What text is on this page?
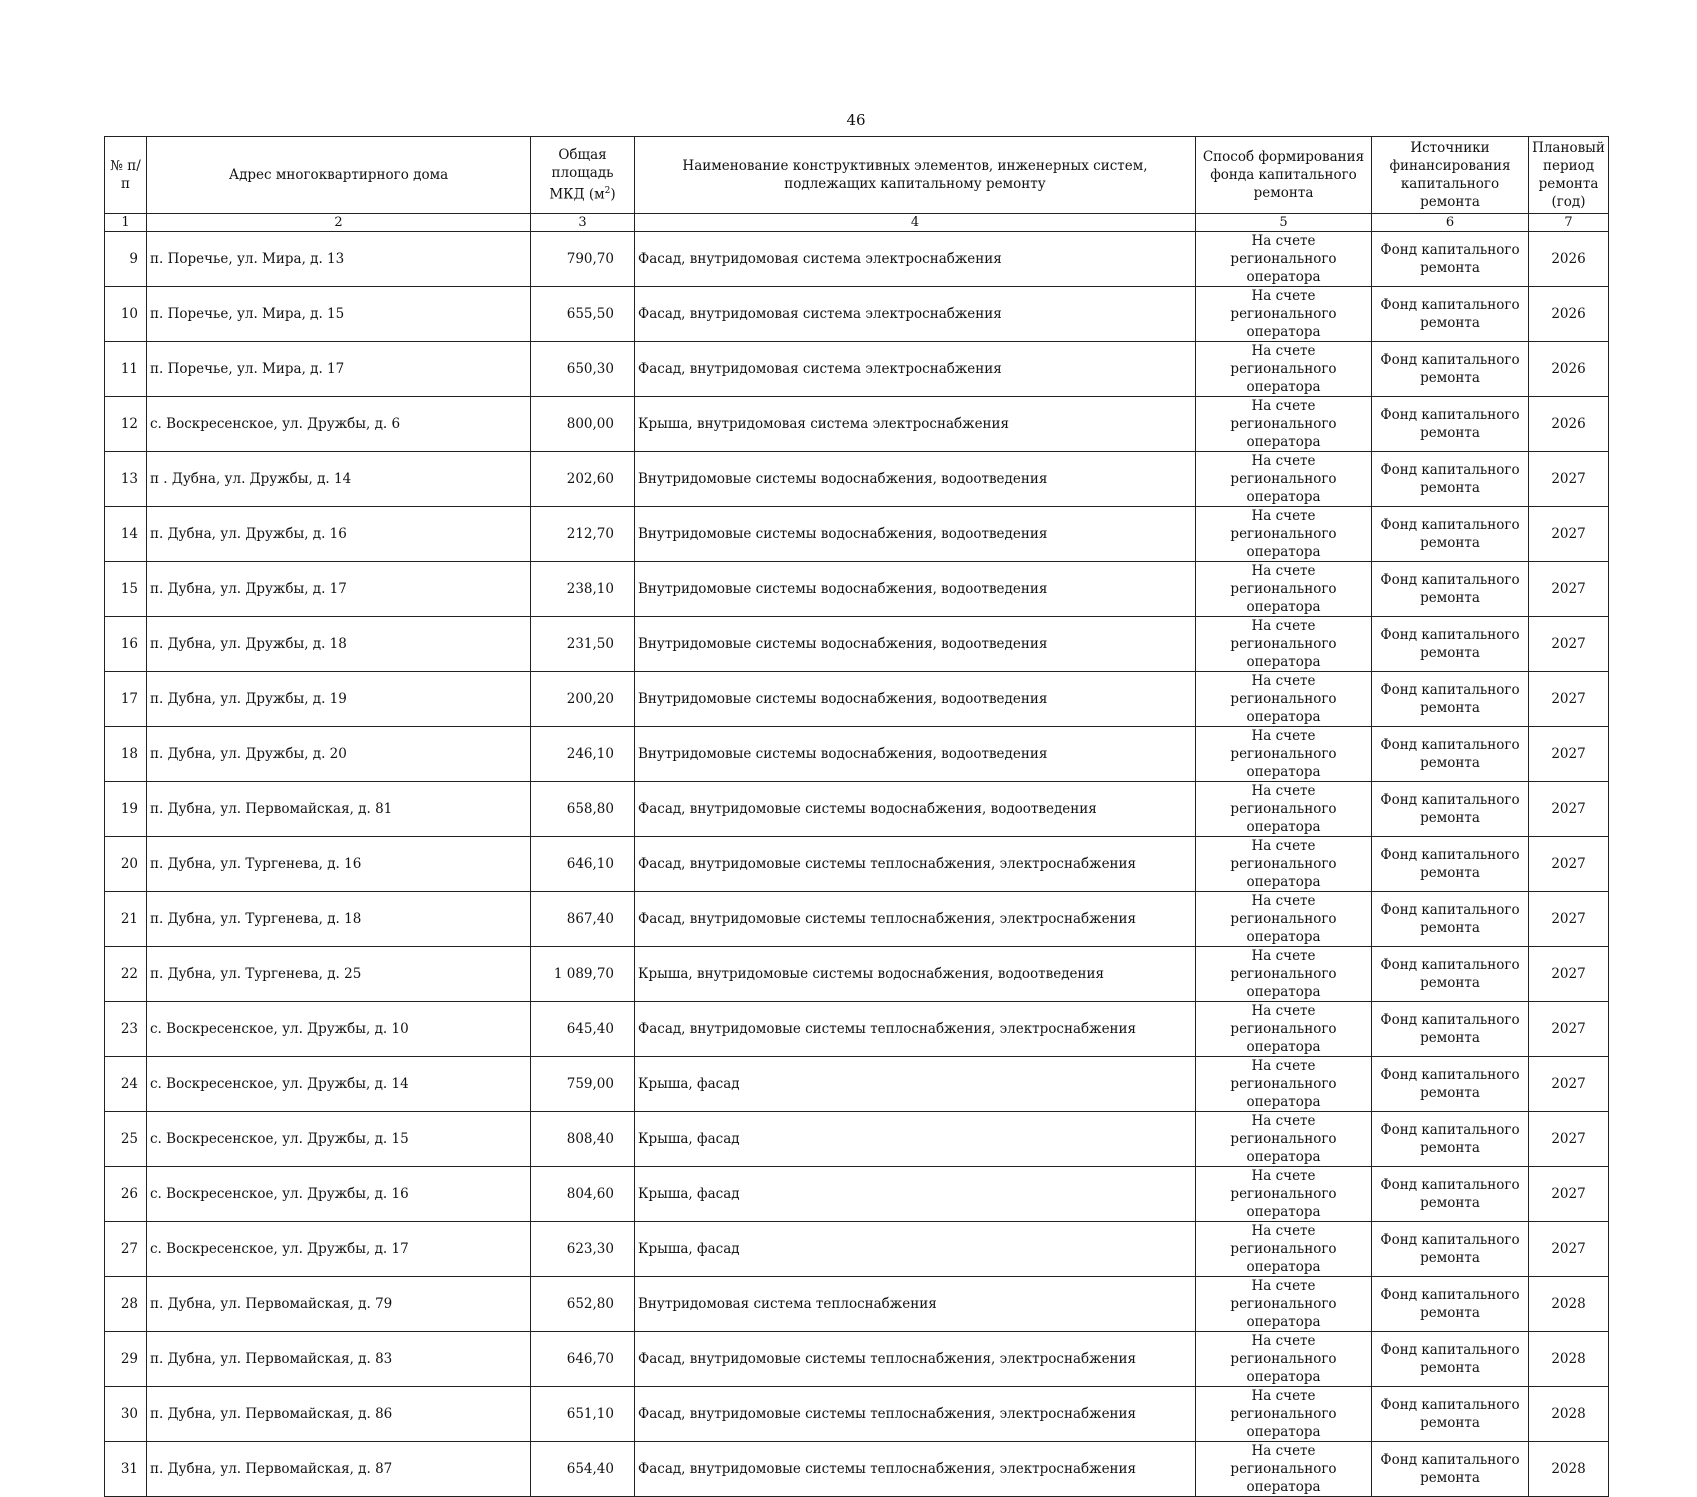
46
№ п/п	Адрес многоквартирного дома	Общая площадь МКД $(м^2)$	Наименование конструктивных элементов, инженерных систем, подлежащих капитальному ремонту	Способ формирования фонда капитального ремонта	Источники финансирования капитального ремонта	Плановый период ремонта (год)
1	2	3	4	5	6	7
9	п. Поречье, ул. Мира, д. 13	790,70	Фасад, внутридомовая система электроснабжения	На счете регионального оператора	Фонд капитального ремонта	2026
10	п. Поречье, ул. Мира, д. 15	655,50	Фасад, внутридомовая система электроснабжения	На счете регионального оператора	Фонд капитального ремонта	2026
11	п. Поречье, ул. Мира, д. 17	650,30	Фасад, внутридомовая система электроснабжения	На счете регионального оператора	Фонд капитального ремонта	2026
12	с. Воскресенское, ул. Дружбы, д. 6	800,00	Крыша, внутридомовая система электроснабжения	На счете регионального оператора	Фонд капитального ремонта	2026
13	п . Дубна, ул. Дружбы, д. 14	202,60	Внутридомовые системы водоснабжения, водоотведения	На счете регионального оператора	Фонд капитального ремонта	2027
14	п. Дубна, ул. Дружбы, д. 16	212,70	Внутридомовые системы водоснабжения, водоотведения	На счете регионального оператора	Фонд капитального ремонта	2027
15	п. Дубна, ул. Дружбы, д. 17	238,10	Внутридомовые системы водоснабжения, водоотведения	На счете регионального оператора	Фонд капитального ремонта	2027
16	п. Дубна, ул. Дружбы, д. 18	231,50	Внутридомовые системы водоснабжения, водоотведения	На счете регионального оператора	Фонд капитального ремонта	2027
17	п. Дубна, ул. Дружбы, д. 19	200,20	Внутридомовые системы водоснабжения, водоотведения	На счете регионального оператора	Фонд капитального ремонта	2027
18	п. Дубна, ул. Дружбы, д. 20	246,10	Внутридомовые системы водоснабжения, водоотведения	На счете регионального оператора	Фонд капитального ремонта	2027
19	п. Дубна, ул. Первомайская, д. 81	658,80	Фасад, внутридомовые системы водоснабжения, водоотведения	На счете регионального оператора	Фонд капитального ремонта	2027
20	п. Дубна, ул. Тургенева, д. 16	646,10	Фасад, внутридомовые системы теплоснабжения, электроснабжения	На счете регионального оператора	Фонд капитального ремонта	2027
21	п. Дубна, ул. Тургенева, д. 18	867,40	Фасад, внутридомовые системы теплоснабжения, электроснабжения	На счете регионального оператора	Фонд капитального ремонта	2027
22	п. Дубна, ул. Тургенева, д. 25	1 089,70	Крыша, внутридомовые системы водоснабжения, водоотведения	На счете регионального оператора	Фонд капитального ремонта	2027
23	с. Воскресенское, ул. Дружбы, д. 10	645,40	Фасад, внутридомовые системы теплоснабжения, электроснабжения	На счете регионального оператора	Фонд капитального ремонта	2027
24	с. Воскресенское, ул. Дружбы, д. 14	759,00	Крыша, фасад	На счете регионального оператора	Фонд капитального ремонта	2027
25	с. Воскресенское, ул. Дружбы, д. 15	808,40	Крыша, фасад	На счете регионального оператора	Фонд капитального ремонта	2027
26	с. Воскресенское, ул. Дружбы, д. 16	804,60	Крыша, фасад	На счете регионального оператора	Фонд капитального ремонта	2027
27	с. Воскресенское, ул. Дружбы, д. 17	623,30	Крыша, фасад	На счете регионального оператора	Фонд капитального ремонта	2027
28	п. Дубна, ул. Первомайская, д. 79	652,80	Внутридомовая система теплоснабжения	На счете регионального оператора	Фонд капитального ремонта	2028
29	п. Дубна, ул. Первомайская, д. 83	646,70	Фасад, внутридомовые системы теплоснабжения, электроснабжения	На счете регионального оператора	Фонд капитального ремонта	2028
30	п. Дубна, ул. Первомайская, д. 86	651,10	Фасад, внутридомовые системы теплоснабжения, электроснабжения	На счете регионального оператора	Фонд капитального ремонта	2028
31	п. Дубна, ул. Первомайская, д. 87	654,40	Фасад, внутридомовые системы теплоснабжения, электроснабжения	На счете регионального оператора	Фонд капитального ремонта	2028
